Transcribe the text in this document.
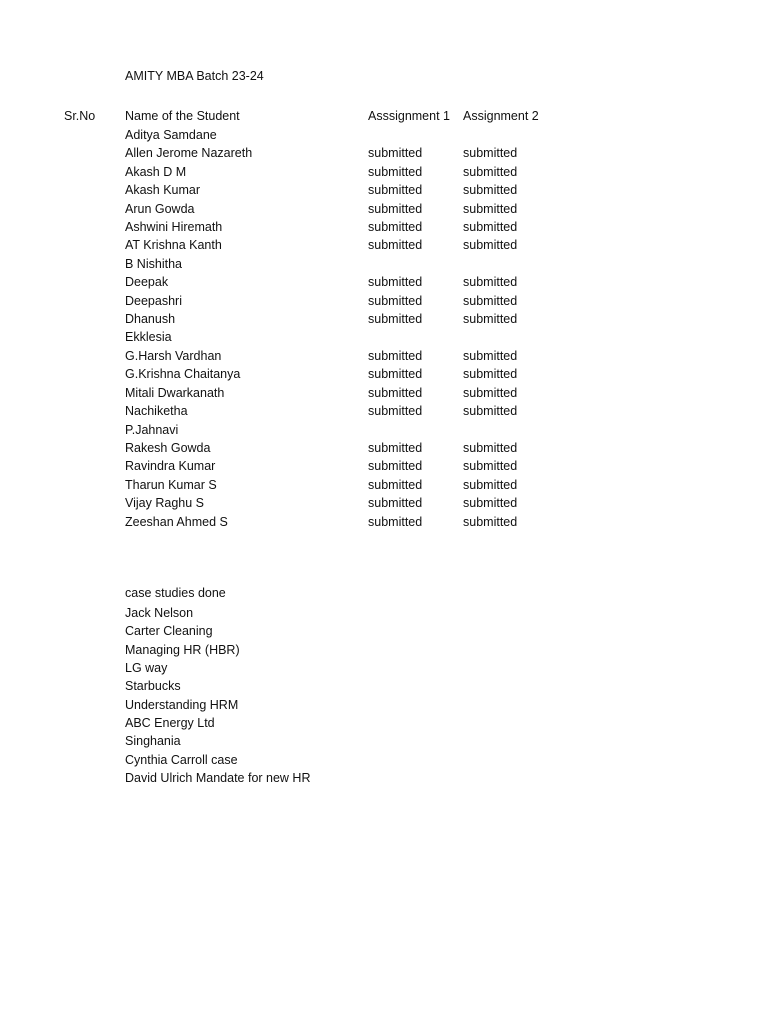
AMITY MBA Batch 23-24
Sr.No Name of the Student	Asssignment 1 Assignment 2
Aditya Samdane
Allen Jerome Nazareth	submitted	submitted
Akash D M	submitted	submitted
Akash Kumar	submitted	submitted
Arun Gowda	submitted	submitted
Ashwini Hiremath	submitted	submitted
AT Krishna Kanth	submitted	submitted
B Nishitha
Deepak	submitted	submitted
Deepashri	submitted	submitted
Dhanush	submitted	submitted
Ekklesia
G.Harsh Vardhan	submitted	submitted
G.Krishna Chaitanya	submitted	submitted
Mitali Dwarkanath	submitted	submitted
Nachiketha	submitted	submitted
P.Jahnavi
Rakesh Gowda	submitted	submitted
Ravindra Kumar	submitted	submitted
Tharun Kumar S	submitted	submitted
Vijay Raghu S	submitted	submitted
Zeeshan Ahmed S	submitted	submitted
case studies done
Jack Nelson
Carter Cleaning
Managing HR (HBR)
LG way
Starbucks
Understanding HRM
ABC Energy Ltd
Singhania
Cynthia Carroll case
David Ulrich Mandate for new HR
